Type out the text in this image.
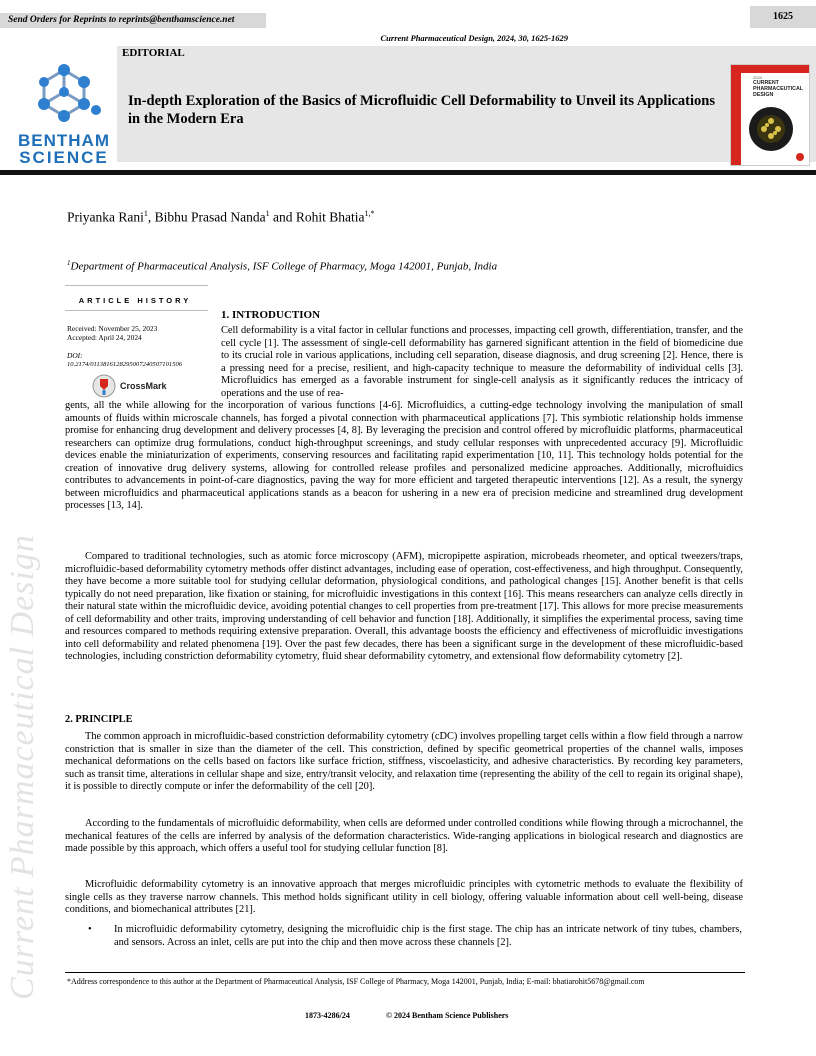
Current Pharmaceutical Design
Send Orders for Reprints to reprints@benthamscience.net	1625
Current Pharmaceutical Design, 2024, 30, 1625-1629
EDITORIAL
BENTHAM
SCIENCE
In-depth Exploration of the Basics of Microfluidic Cell Deformability to Unveil its Applications in the Modern Era
2024
CURRENT PHARMACEUTICAL DESIGN
Priyanka Rani$^1$, Bibhu Prasad Nanda$^1$ and Rohit Bhatia$^{1,*}$
$^1$Department of Pharmaceutical Analysis, ISF College of Pharmacy, Moga 142001, Punjab, India
ARTICLE HISTORY
Received: November 25, 2023
Accepted: April 24, 2024
DOI:
10.2174/0113816128295007240507101506
CrossMark
1. INTRODUCTION

Cell deformability is a vital factor in cellular functions and processes, impacting cell growth, differentiation, transfer, and the cell cycle [1]. The assessment of single-cell deformability has garnered significant attention in the field of biomedicine due to its crucial role in various applications, including cell separation, disease diagnosis, and drug screening [2]. Hence, there is a pressing need for a precise, resilient, and high-capacity technique to measure the deformability of individual cells [3]. Microfluidics has emerged as a favorable instrument for single-cell analysis as it significantly reduces the intricacy of operations and the use of rea-

gents, all the while allowing for the incorporation of various functions [4-6]. Microfluidics, a cutting-edge technology involving the manipulation of small amounts of fluids within microscale channels, has forged a pivotal connection with pharmaceutical applications [7]. This symbiotic relationship holds immense promise for enhancing drug development and delivery processes [4, 8]. By leveraging the precision and control offered by microfluidic platforms, pharmaceutical researchers can optimize drug formulations, conduct high-throughput screenings, and study cellular responses with unprecedented accuracy [9]. Microfluidic devices enable the miniaturization of experiments, conserving resources and facilitating rapid experimentation [10, 11]. This technology holds potential for the creation of innovative drug delivery systems, allowing for controlled release profiles and personalized medicine approaches. Additionally, microfluidics contributes to advancements in point-of-care diagnostics, paving the way for more efficient and targeted therapeutic interventions [12]. As a result, the synergy between microfluidics and pharmaceutical applications stands as a beacon for ushering in a new era of precision medicine and streamlined drug development processes [13, 14].

Compared to traditional technologies, such as atomic force microscopy (AFM), micropipette aspiration, microbeads rheometer, and optical tweezers/traps, microfluidic-based deformability cytometry methods offer distinct advantages, including ease of operation, cost-effectiveness, and high throughput. Consequently, they have become a more suitable tool for studying cellular deformation, physiological conditions, and pathological changes [15]. Another benefit is that cells typically do not need preparation, like fixation or staining, for microfluidic investigations in this context [16]. This means researchers can analyze cells directly in their natural state within the microfluidic device, avoiding potential changes to cell properties from pre-treatment [17]. This allows for more precise measurements of cell deformability and other traits, improving understanding of cell behavior and function [18]. Additionally, it simplifies the experimental process, saving time and resources compared to methods requiring extensive preparation. Overall, this advantage boosts the efficiency and effectiveness of microfluidic investigations into cell deformability and related phenomena [19]. Over the past few decades, there has been a significant surge in the development of these microfluidic-based technologies, including constriction deformability cytometry, fluid shear deformability cytometry, and extensional flow deformability cytometry [2].

2. PRINCIPLE

The common approach in microfluidic-based constriction deformability cytometry (cDC) involves propelling target cells within a flow field through a narrow constriction that is smaller in size than the diameter of the cell. This constriction, defined by specific geometrical properties of the channel walls, imposes mechanical deformations on the cells based on factors like surface friction, stiffness, viscoelasticity, and adhesive characteristics. By recording key parameters, such as transit time, alterations in cellular shape and size, entry/transit velocity, and relaxation time (representing the ability of the cell to regain its original shape), it is possible to directly compute or infer the deformability of the cell [20].

According to the fundamentals of microfluidic deformability, when cells are deformed under controlled conditions while flowing through a microchannel, the mechanical features of the cells are inferred by analysis of the deformation characteristics. Wide-ranging applications in biological research and diagnostics are made possible by this approach, which offers a useful tool for studying cellular function [8].

Microfluidic deformability cytometry is an innovative approach that merges microfluidic principles with cytometric methods to evaluate the flexibility of single cells as they traverse narrow channels. This method holds significant utility in cell biology, offering valuable information about cell well-being, disease conditions, and biomechanical attributes [21].

•	In microfluidic deformability cytometry, designing the microfluidic chip is the first stage. The chip has an intricate network of tiny tubes, chambers, and sensors. Across an inlet, cells are put into the chip and then move across these channels [2].

*Address correspondence to this author at the Department of Pharmaceutical Analysis, ISF College of Pharmacy, Moga 142001, Punjab, India; E-mail: bhatiarohit5678@gmail.com
1873-4286/24	© 2024 Bentham Science Publishers
